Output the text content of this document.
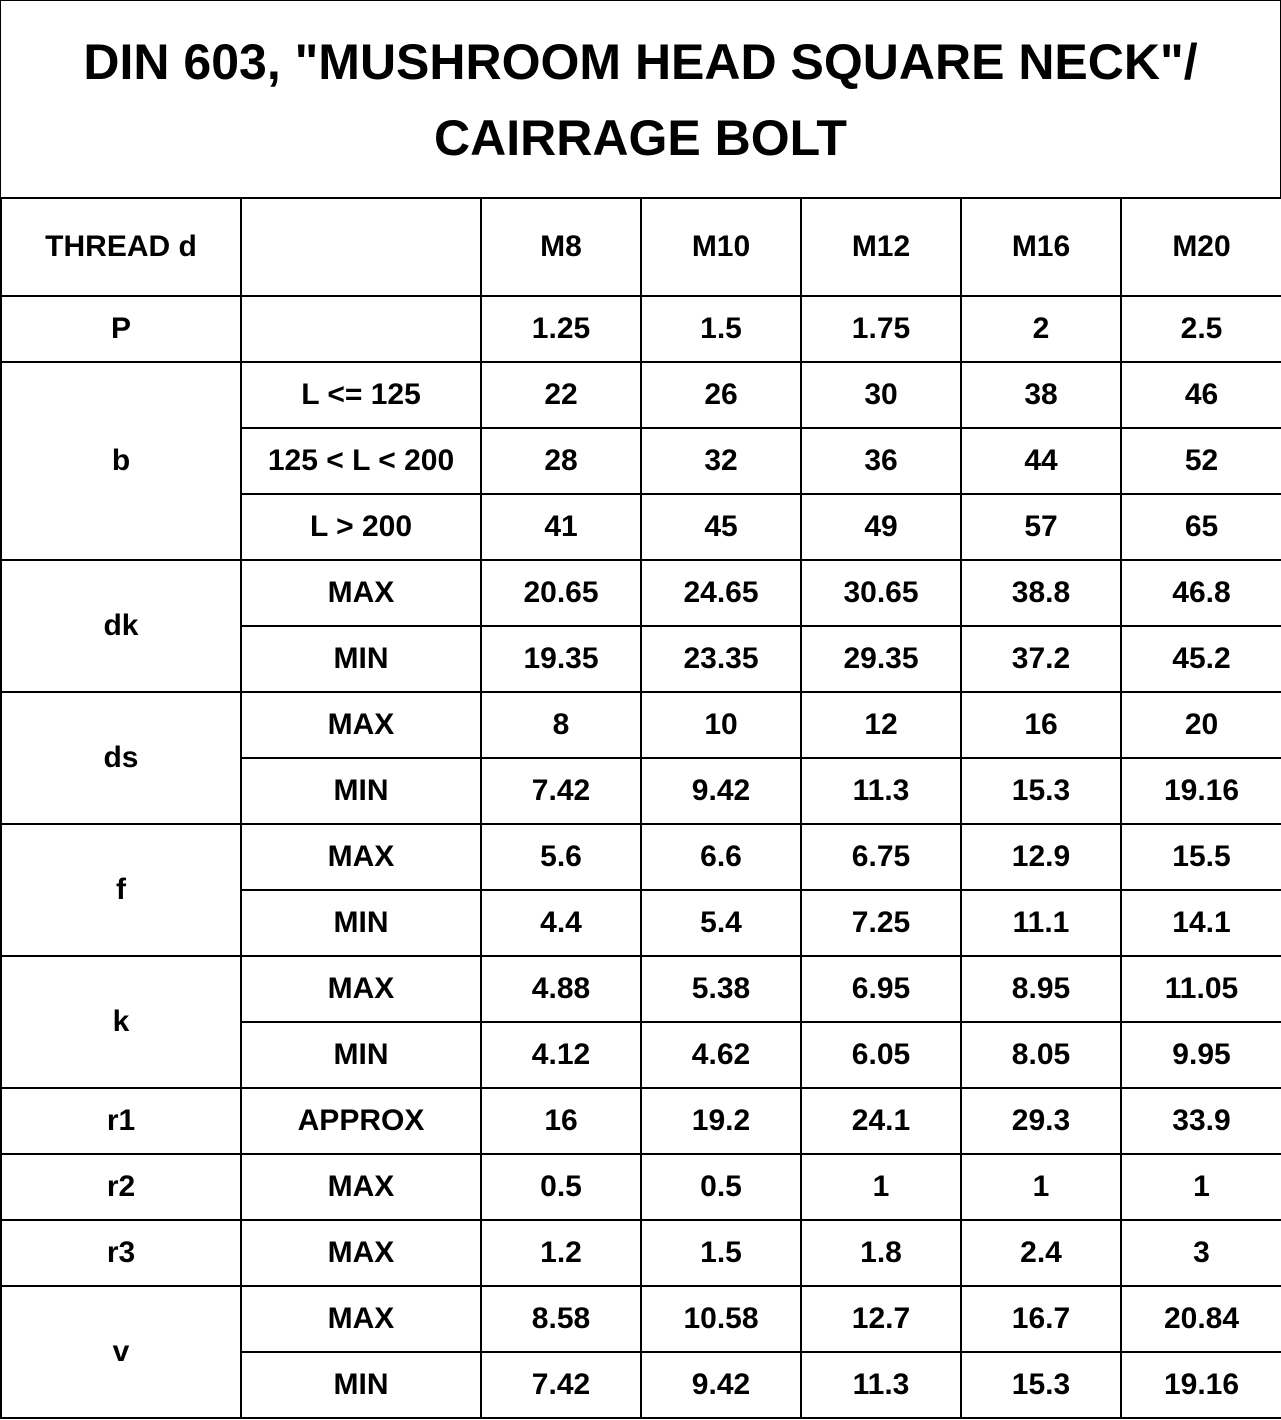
DIN 603, "MUSHROOM HEAD SQUARE NECK"/
CAIRRAGE BOLT
THREAD d		M8	M10	M12	M16	M20
P		1.25	1.5	1.75	2	2.5
b	L <= 125	22	26	30	38	46
	125 < L < 200	28	32	36	44	52
	L > 200	41	45	49	57	65
dk	MAX	20.65	24.65	30.65	38.8	46.8
	MIN	19.35	23.35	29.35	37.2	45.2
ds	MAX	8	10	12	16	20
	MIN	7.42	9.42	11.3	15.3	19.16
f	MAX	5.6	6.6	6.75	12.9	15.5
	MIN	4.4	5.4	7.25	11.1	14.1
k	MAX	4.88	5.38	6.95	8.95	11.05
	MIN	4.12	4.62	6.05	8.05	9.95
r1	APPROX	16	19.2	24.1	29.3	33.9
r2	MAX	0.5	0.5	1	1	1
r3	MAX	1.2	1.5	1.8	2.4	3
v	MAX	8.58	10.58	12.7	16.7	20.84
	MIN	7.42	9.42	11.3	15.3	19.16
